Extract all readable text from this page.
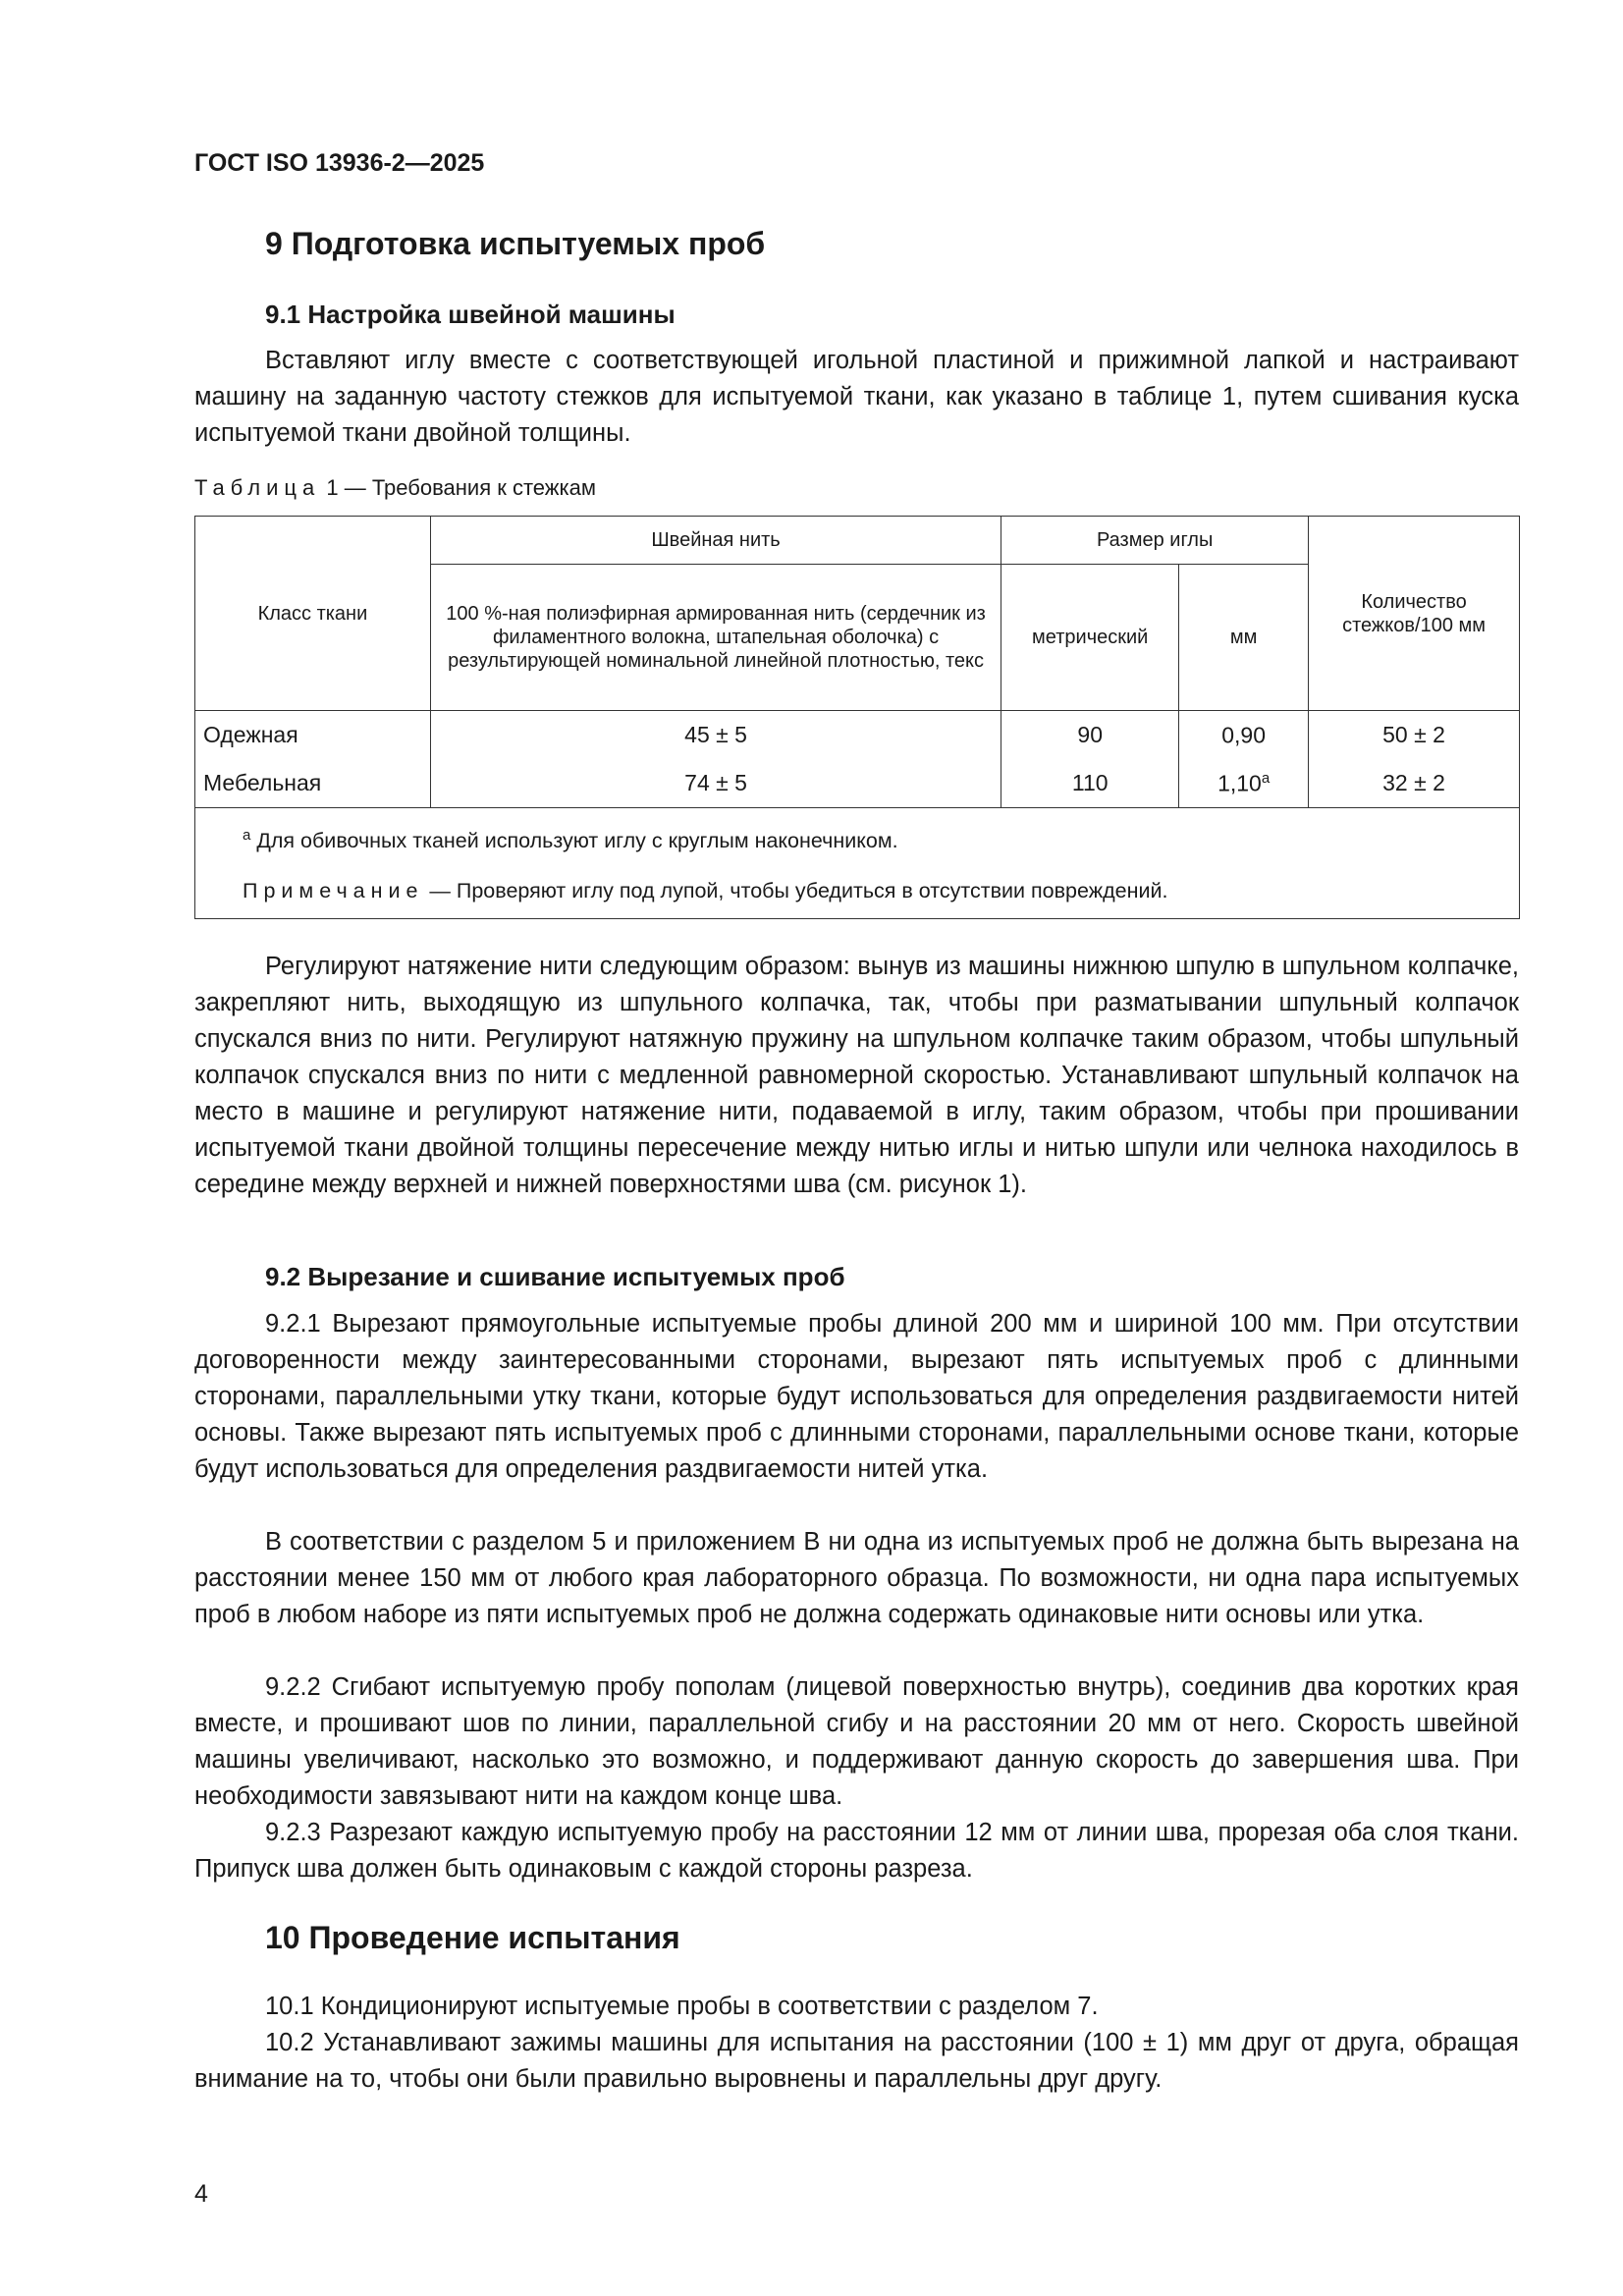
ГОСТ ISO 13936-2—2025
9 Подготовка испытуемых проб
9.1 Настройка швейной машины

Вставляют иглу вместе с соответствующей игольной пластиной и прижимной лапкой и настраивают машину на заданную частоту стежков для испытуемой ткани, как указано в таблице 1, путем сшивания куска испытуемой ткани двойной толщины.

Таблица 1 — Требования к стежкам
Класс ткани	Швейная нить	Размер иглы		Количество стежков/100 мм
	100 %-ная полиэфирная армированная нить (сердечник из филаментного волокна, штапельная оболочка) с результирующей номинальной линейной плотностью, текс	метрический	мм	
Одежная	45 ± 5	90	0,90	50 ± 2
Мебельная	74 ± 5	110	1,10$^a$	32 ± 2

$^a$ Для обивочных тканей используют иглу с круглым наконечником.
Примечание — Проверяют иглу под лупой, чтобы убедиться в отсутствии повреждений.				

Регулируют натяжение нити следующим образом: вынув из машины нижнюю шпулю в шпульном колпачке, закрепляют нить, выходящую из шпульного колпачка, так, чтобы при разматывании шпульный колпачок спускался вниз по нити. Регулируют натяжную пружину на шпульном колпачке таким образом, чтобы шпульный колпачок спускался вниз по нити с медленной равномерной скоростью. Устанавливают шпульный колпачок на место в машине и регулируют натяжение нити, подаваемой в иглу, таким образом, чтобы при прошивании испытуемой ткани двойной толщины пересечение между нитью иглы и нитью шпули или челнока находилось в середине между верхней и нижней поверхностями шва (см. рисунок 1).

9.2 Вырезание и сшивание испытуемых проб

9.2.1 Вырезают прямоугольные испытуемые пробы длиной 200 мм и шириной 100 мм. При отсутствии договоренности между заинтересованными сторонами, вырезают пять испытуемых проб с длинными сторонами, параллельными утку ткани, которые будут использоваться для определения раздвигаемости нитей основы. Также вырезают пять испытуемых проб с длинными сторонами, параллельными основе ткани, которые будут использоваться для определения раздвигаемости нитей утка.

В соответствии с разделом 5 и приложением В ни одна из испытуемых проб не должна быть вырезана на расстоянии менее 150 мм от любого края лабораторного образца. По возможности, ни одна пара испытуемых проб в любом наборе из пяти испытуемых проб не должна содержать одинаковые нити основы или утка.

9.2.2 Сгибают испытуемую пробу пополам (лицевой поверхностью внутрь), соединив два коротких края вместе, и прошивают шов по линии, параллельной сгибу и на расстоянии 20 мм от него. Скорость швейной машины увеличивают, насколько это возможно, и поддерживают данную скорость до завершения шва. При необходимости завязывают нити на каждом конце шва.

9.2.3 Разрезают каждую испытуемую пробу на расстоянии 12 мм от линии шва, прорезая оба слоя ткани. Припуск шва должен быть одинаковым с каждой стороны разреза.

10 Проведение испытания

10.1 Кондиционируют испытуемые пробы в соответствии с разделом 7.

10.2 Устанавливают зажимы машины для испытания на расстоянии (100 ± 1) мм друг от друга, обращая внимание на то, чтобы они были правильно выровнены и параллельны друг другу.

4
